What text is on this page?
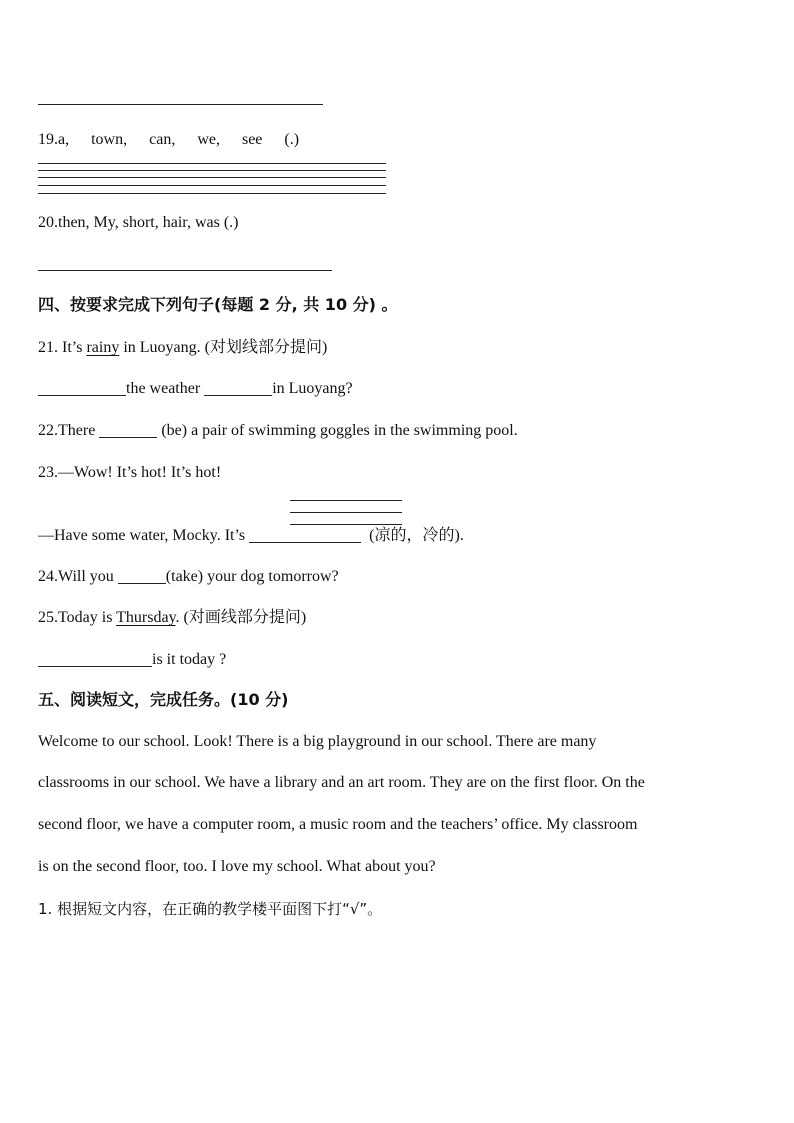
19.a, town, can, we, see (.)
20.then, My, short, hair, was (.)
四、按要求完成下列句子(每题 2 分, 共 10 分) 。
21. It’s rainy in Luoyang. (对划线部分提问)
the weather	in Luoyang?
22.There	(be) a pair of swimming goggles in the swimming pool.
23.—Wow! It’s hot! It’s hot!
—Have some water, Mocky. It’s	(凉的，冷的).
24.Will you	(take) your dog tomorrow?
25.Today is Thursday. (对画线部分提问)
is it today ?
五、阅读短文，完成任务。(10 分)
Welcome to our school. Look! There is a big playground in our school. There are many
classrooms in our school. We have a library and an art room. They are on the first floor. On the
second floor, we have a computer room, a music room and the teachers’ office. My classroom
is on the second floor, too. I love my school. What about you?
1. 根据短文内容，在正确的教学楼平面图下打“√”。
